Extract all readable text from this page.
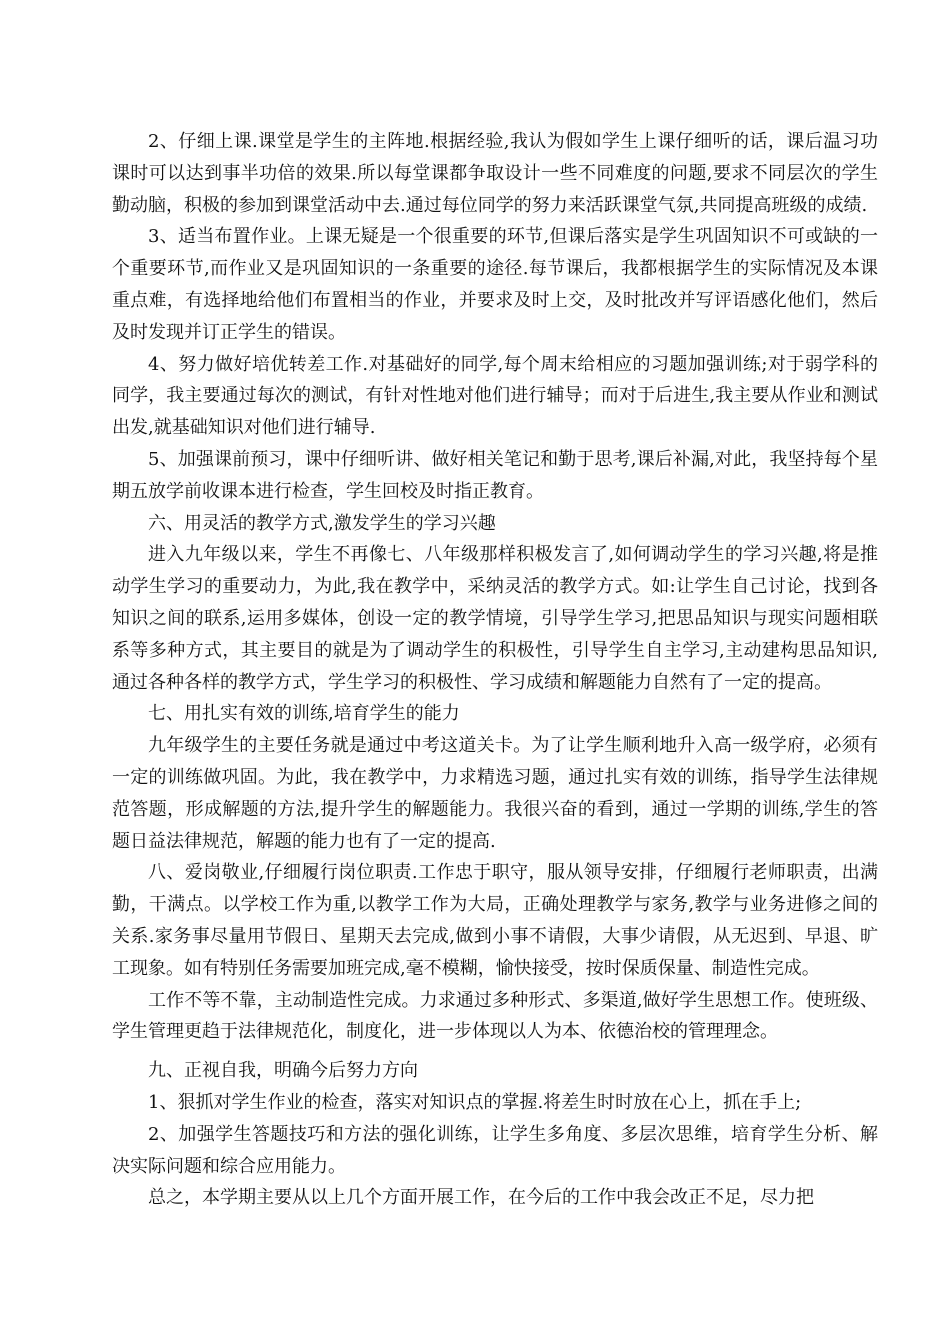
2、仔细上课.课堂是学生的主阵地.根据经验,我认为假如学生上课仔细听的话，课后温习功课时可以达到事半功倍的效果.所以每堂课都争取设计一些不同难度的问题,要求不同层次的学生勤动脑，积极的参加到课堂活动中去.通过每位同学的努力来活跃课堂气氛,共同提高班级的成绩.

3、适当布置作业。上课无疑是一个很重要的环节,但课后落实是学生巩固知识不可或缺的一个重要环节,而作业又是巩固知识的一条重要的途径.每节课后，我都根据学生的实际情况及本课重点难，有选择地给他们布置相当的作业，并要求及时上交，及时批改并写评语感化他们，然后及时发现并订正学生的错误。

4、努力做好培优转差工作.对基础好的同学,每个周末给相应的习题加强训练;对于弱学科的同学，我主要通过每次的测试，有针对性地对他们进行辅导；而对于后进生,我主要从作业和测试出发,就基础知识对他们进行辅导.

5、加强课前预习，课中仔细听讲、做好相关笔记和勤于思考,课后补漏,对此，我坚持每个星期五放学前收课本进行检查，学生回校及时指正教育。

六、用灵活的教学方式,激发学生的学习兴趣

进入九年级以来，学生不再像七、八年级那样积极发言了,如何调动学生的学习兴趣,将是推动学生学习的重要动力，为此,我在教学中，采纳灵活的教学方式。如:让学生自己讨论，找到各知识之间的联系,运用多媒体，创设一定的教学情境，引导学生学习,把思品知识与现实问题相联系等多种方式，其主要目的就是为了调动学生的积极性，引导学生自主学习,主动建构思品知识,通过各种各样的教学方式，学生学习的积极性、学习成绩和解题能力自然有了一定的提高。

七、用扎实有效的训练,培育学生的能力

九年级学生的主要任务就是通过中考这道关卡。为了让学生顺利地升入高一级学府，必须有一定的训练做巩固。为此，我在教学中，力求精选习题，通过扎实有效的训练，指导学生法律规范答题，形成解题的方法,提升学生的解题能力。我很兴奋的看到，通过一学期的训练,学生的答题日益法律规范，解题的能力也有了一定的提高.

八、爱岗敬业,仔细履行岗位职责.工作忠于职守，服从领导安排，仔细履行老师职责，出满勤，干满点。以学校工作为重,以教学工作为大局，正确处理教学与家务,教学与业务进修之间的关系.家务事尽量用节假日、星期天去完成,做到小事不请假，大事少请假，从无迟到、早退、旷工现象。如有特别任务需要加班完成,毫不模糊，愉快接受，按时保质保量、制造性完成。

工作不等不靠，主动制造性完成。力求通过多种形式、多渠道,做好学生思想工作。使班级、学生管理更趋于法律规范化，制度化，进一步体现以人为本、依德治校的管理理念。

九、正视自我，明确今后努力方向

1、狠抓对学生作业的检查，落实对知识点的掌握.将差生时时放在心上，抓在手上;

2、加强学生答题技巧和方法的强化训练，让学生多角度、多层次思维，培育学生分析、解决实际问题和综合应用能力。

总之，本学期主要从以上几个方面开展工作，在今后的工作中我会改正不足，尽力把
